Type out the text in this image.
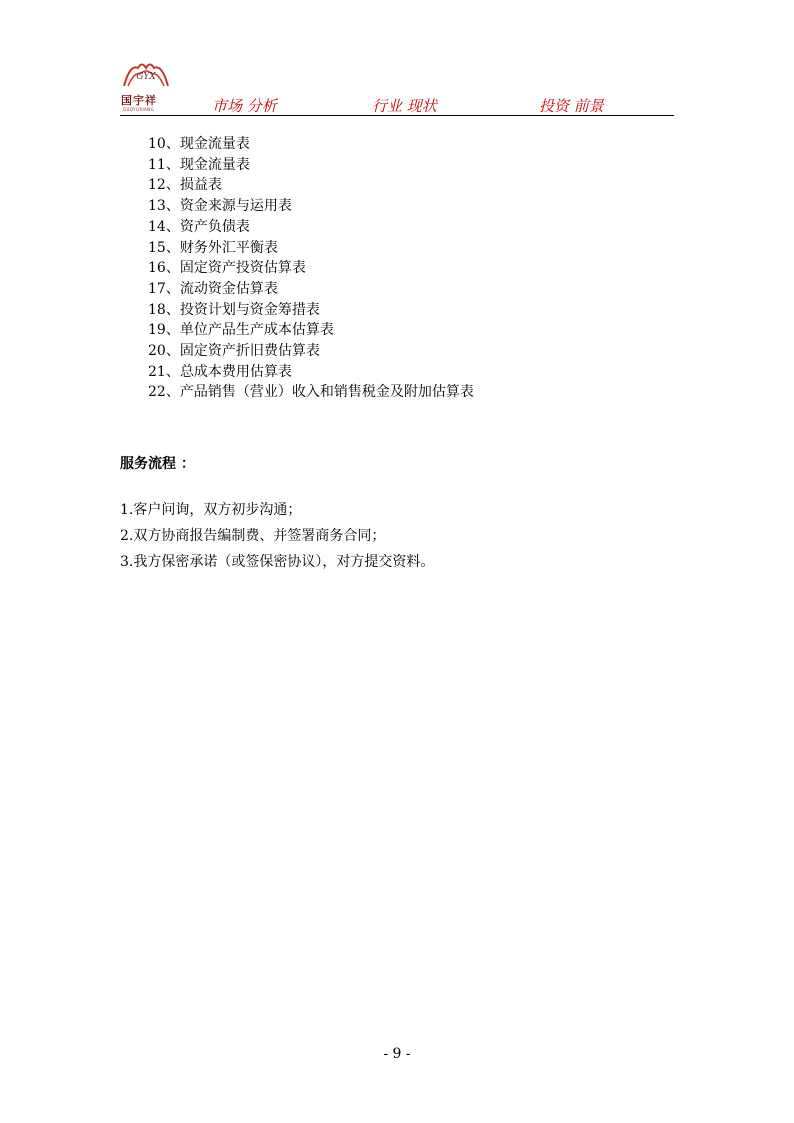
GYX
国宇祥
GUOYUXIANG	市场 分析	行业 现状	投资 前景
10、现金流量表
11、现金流量表
12、损益表
13、资金来源与运用表
14、资产负债表
15、财务外汇平衡表
16、固定资产投资估算表
17、流动资金估算表
18、投资计划与资金筹措表
19、单位产品生产成本估算表
20、固定资产折旧费估算表
21、总成本费用估算表
22、产品销售（营业）收入和销售税金及附加估算表
服务流程 ：
1.客户问询，双方初步沟通；
2.双方协商报告编制费、并签署商务合同；
3.我方保密承诺（或签保密协议），对方提交资料。
- 9 -
